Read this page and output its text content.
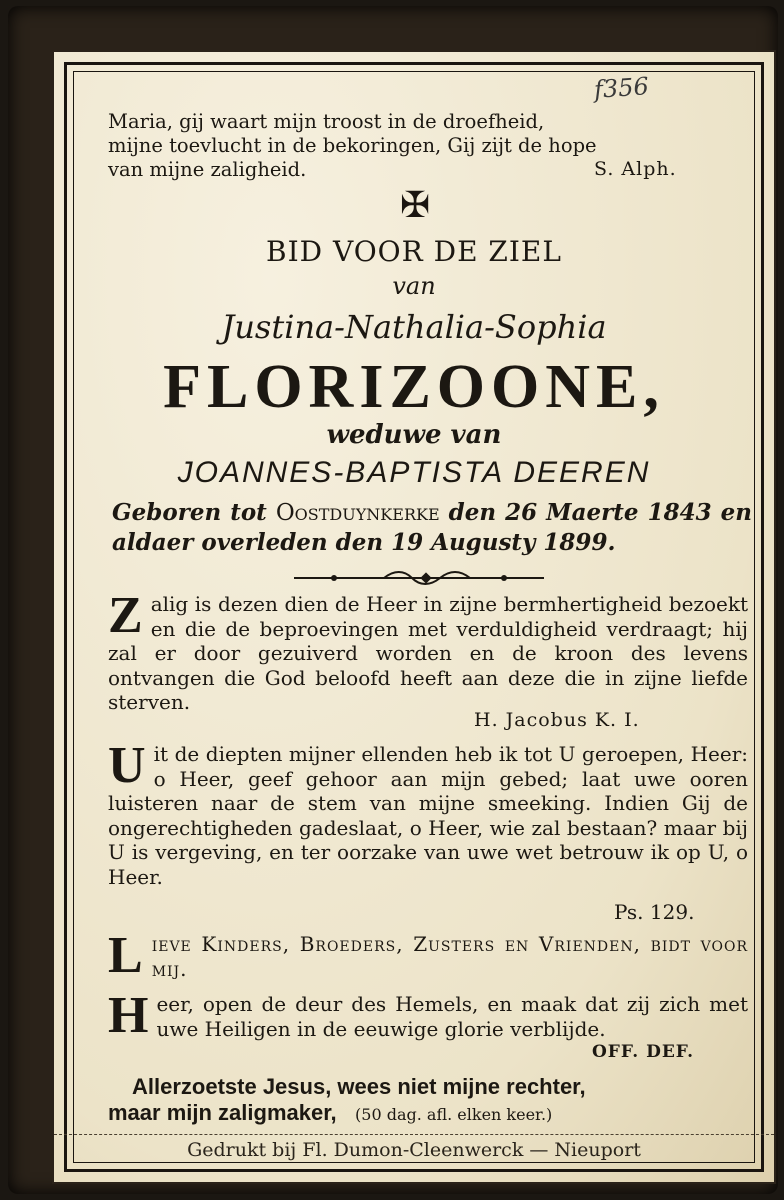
f356
Maria, gij waart mijn troost in de droefheid,
mijne toevlucht in de bekoringen, Gij zijt de hope
van mijne zaligheid.	S. Alph.
✠
BID VOOR DE ZIEL
van
Justina-Nathalia-Sophia
FLORIZOONE,
weduwe van
JOANNES-BAPTISTA DEEREN
Geboren tot Oostduynkerke den 26 Maerte 1843 en aldaer overleden den 19 Augusty 1899.
Z alig is dezen dien de Heer in zijne bermhertigheid bezoekt en die de beproevingen met verduldigheid verdraagt; hij zal er door gezuiverd worden en de kroon des levens ontvangen die God beloofd heeft aan deze die in zijne liefde sterven.
H. Jacobus K. I.
U it de diepten mijner ellenden heb ik tot U geroepen, Heer: o Heer, geef gehoor aan mijn gebed; laat uwe ooren luisteren naar de stem van mijne smeeking. Indien Gij de ongerechtigheden gadeslaat, o Heer, wie zal bestaan? maar bij U is vergeving, en ter oorzake van uwe wet betrouw ik op U, o Heer.
Ps. 129.
L ieve Kinders, Broeders, Zusters en Vrienden, bidt voor mij.
H eer, open de deur des Hemels, en maak dat zij zich met uwe Heiligen in de eeuwige glorie verblijde.
OFF. DEF.
Allerzoetste Jesus, wees niet mijne rechter,
maar mijn zaligmaker, (50 dag. afl. elken keer.)
Gedrukt bij Fl. Dumon-Cleenwerck — Nieuport
